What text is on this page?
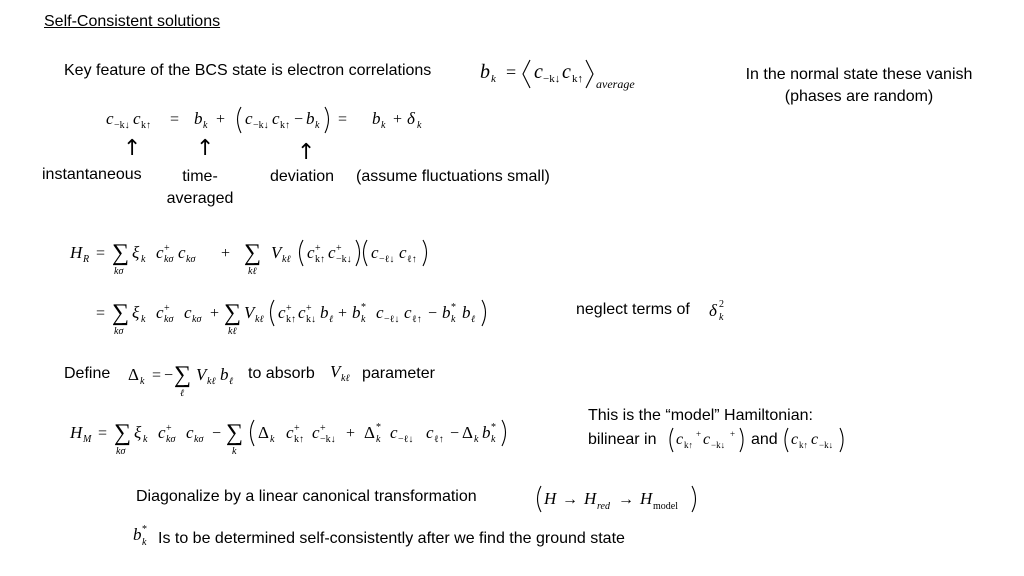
Self-Consistent solutions
Key feature of the BCS state is electron correlations b k = c −k↓ c k↑ average
In the normal state these vanish
(phases are random)
c −k↓ c k↑ = b k + c −k↓ c k↑ − b k = b k + δ k
↑ ↑	↑
instantaneous	time-
averaged
deviation (assume fluctuations small)
H R = ∑
kσ
ξ k c +
kσ c kσ + ∑
kℓ
V kℓ c +
k↑ c +
−k↓ c −ℓ↓ c ℓ↑
= ∑
kσ
ξ k c +
kσ c kσ + ∑
kℓ
V kℓ c +
k↑ c +
k↓ b ℓ + b *
k c −ℓ↓ c ℓ↑ − b *
k b ℓ
neglect terms of δ 2
k
Define Δ k = − ∑
ℓ
V kℓ b ℓ to absorb V kℓ parameter
H M = ∑
kσ
ξ k c +
kσ c kσ − ∑
k
Δ k c +
k↑ c +
−k↓ + Δ *
k c −ℓ↓ c ℓ↑ − Δ k b *
k
This is the “model” Hamiltonian:
bilinear in c k↑
+ c −k↓
+ and c k↑ c −k↓
Diagonalize by a linear canonical transformation	H → H red → H model
b *
k Is to be determined self-consistently after we find the ground state
